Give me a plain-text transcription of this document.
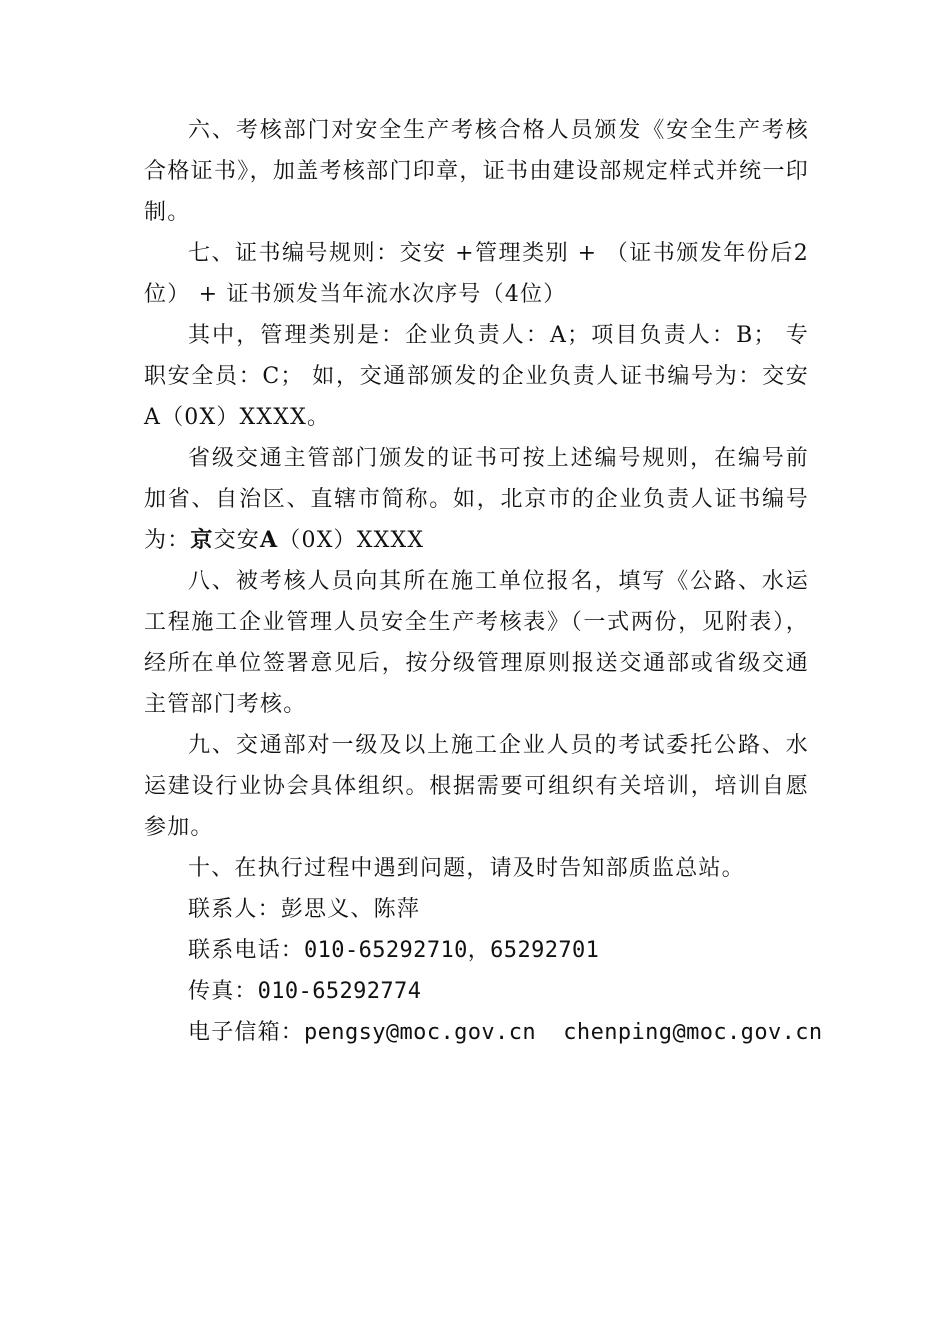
六、考核部门对安全生产考核合格人员颁发《安全生产考核合格证书》，加盖考核部门印章，证书由建设部规定样式并统一印制。

七、证书编号规则：交安 +管理类别 + （证书颁发年份后2位） + 证书颁发当年流水次序号（4位）

其中，管理类别是：企业负责人：A；项目负责人：B； 专职安全员：C； 如，交通部颁发的企业负责人证书编号为：交安A（0X）XXXX。

省级交通主管部门颁发的证书可按上述编号规则，在编号前加省、自治区、直辖市简称。如，北京市的企业负责人证书编号为：京交安A（0X）XXXX

八、被考核人员向其所在施工单位报名，填写《公路、水运工程施工企业管理人员安全生产考核表》（一式两份，见附表），经所在单位签署意见后，按分级管理原则报送交通部或省级交通主管部门考核。

九、交通部对一级及以上施工企业人员的考试委托公路、水运建设行业协会具体组织。根据需要可组织有关培训，培训自愿参加。

十、在执行过程中遇到问题，请及时告知部质监总站。

联系人：彭思义、陈萍

联系电话：010-65292710，65292701

传真：010-65292774

电子信箱：pengsy@moc.gov.cn chenping@moc.gov.cn
